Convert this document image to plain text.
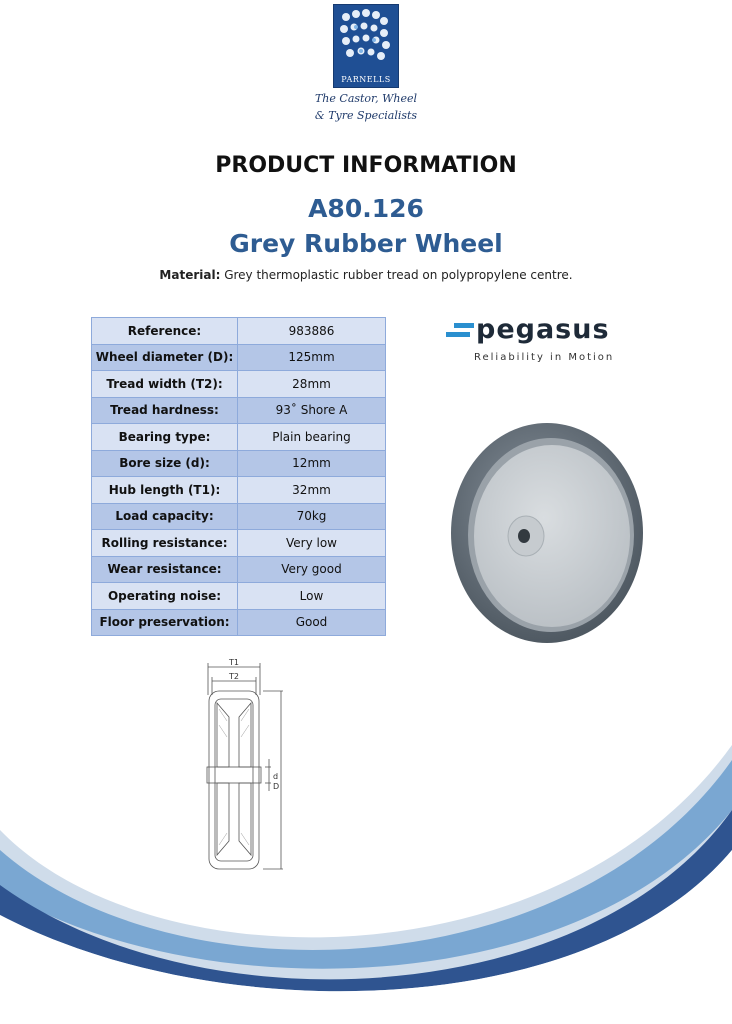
PARNELLS
The Castor, Wheel
& Tyre Specialists
PRODUCT INFORMATION
A80.126
Grey Rubber Wheel
Material: Grey thermoplastic rubber tread on polypropylene centre.
Reference:	983886
Wheel diameter (D):	125mm
Tread width (T2):	28mm
Tread hardness:	93˚ Shore A
Bearing type:	Plain bearing
Bore size (d):	12mm
Hub length (T1):	32mm
Load capacity:	70kg
Rolling resistance:	Very low
Wear resistance:	Very good
Operating noise:	Low
Floor preservation:	Good
pegasus
Reliability in Motion
T1
T2
d
D
